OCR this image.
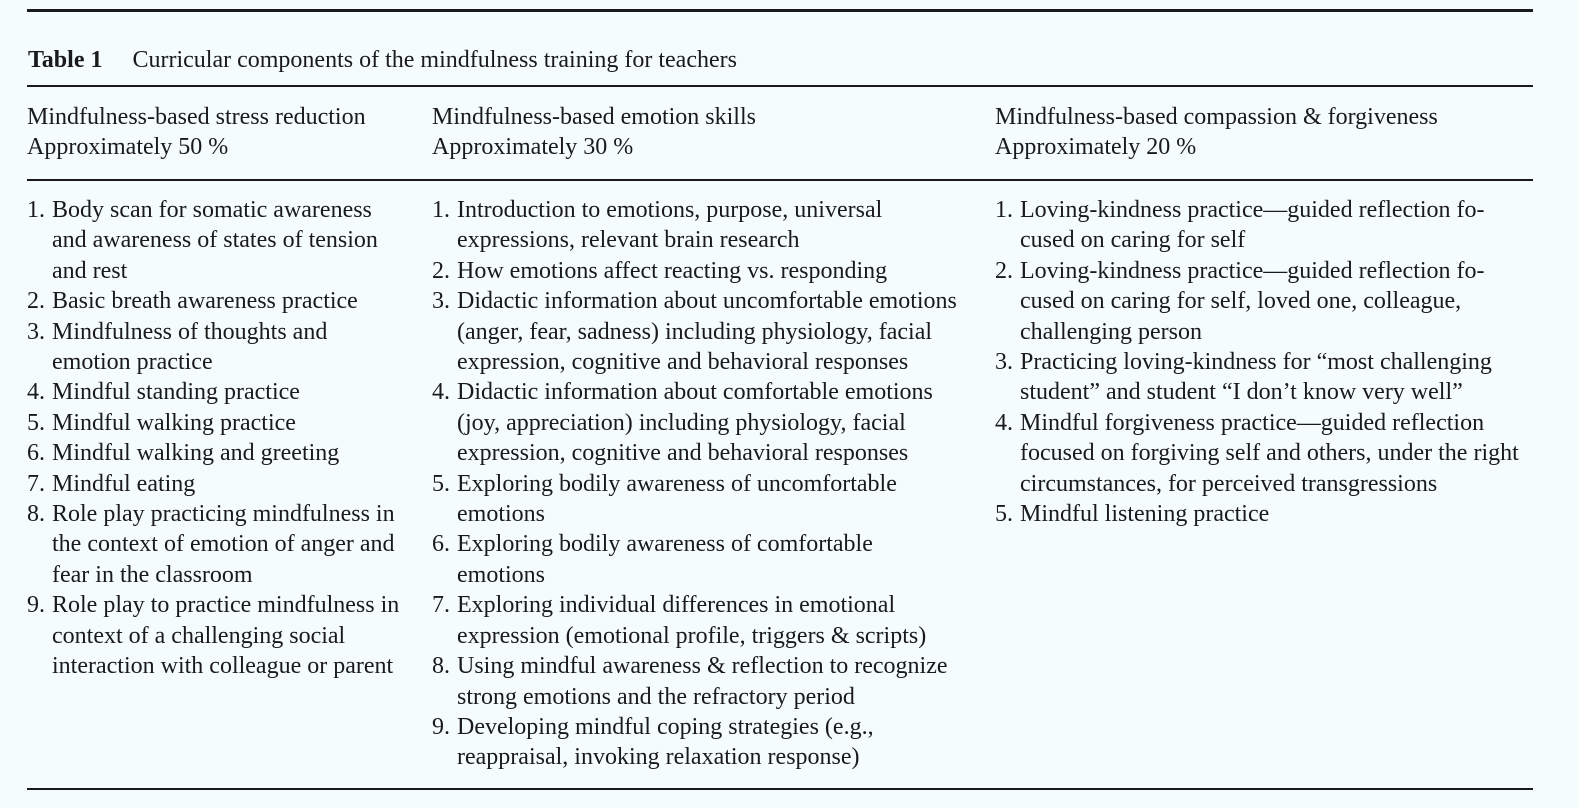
Table 1 Curricular components of the mindfulness training for teachers
Mindfulness-based stress reduction
Approximately 50 %
Mindfulness-based emotion skills
Approximately 30 %
Mindfulness-based compassion & forgiveness
Approximately 20 %
1. Body scan for somatic awareness
and awareness of states of tension
and rest
2. Basic breath awareness practice
3. Mindfulness of thoughts and
emotion practice
4. Mindful standing practice
5. Mindful walking practice
6. Mindful walking and greeting
7. Mindful eating
8. Role play practicing mindfulness in
the context of emotion of anger and
fear in the classroom
9. Role play to practice mindfulness in
context of a challenging social
interaction with colleague or parent
1. Introduction to emotions, purpose, universal
expressions, relevant brain research
2. How emotions affect reacting vs. responding
3. Didactic information about uncomfortable emotions
(anger, fear, sadness) including physiology, facial
expression, cognitive and behavioral responses
4. Didactic information about comfortable emotions
(joy, appreciation) including physiology, facial
expression, cognitive and behavioral responses
5. Exploring bodily awareness of uncomfortable
emotions
6. Exploring bodily awareness of comfortable
emotions
7. Exploring individual differences in emotional
expression (emotional profile, triggers & scripts)
8. Using mindful awareness & reflection to recognize
strong emotions and the refractory period
9. Developing mindful coping strategies (e.g.,
reappraisal, invoking relaxation response)
1. Loving-kindness practice—guided reflection fo-
cused on caring for self
2. Loving-kindness practice—guided reflection fo-
cused on caring for self, loved one, colleague,
challenging person
3. Practicing loving-kindness for “most challenging
student” and student “I don’t know very well”
4. Mindful forgiveness practice—guided reflection
focused on forgiving self and others, under the right
circumstances, for perceived transgressions
5. Mindful listening practice
